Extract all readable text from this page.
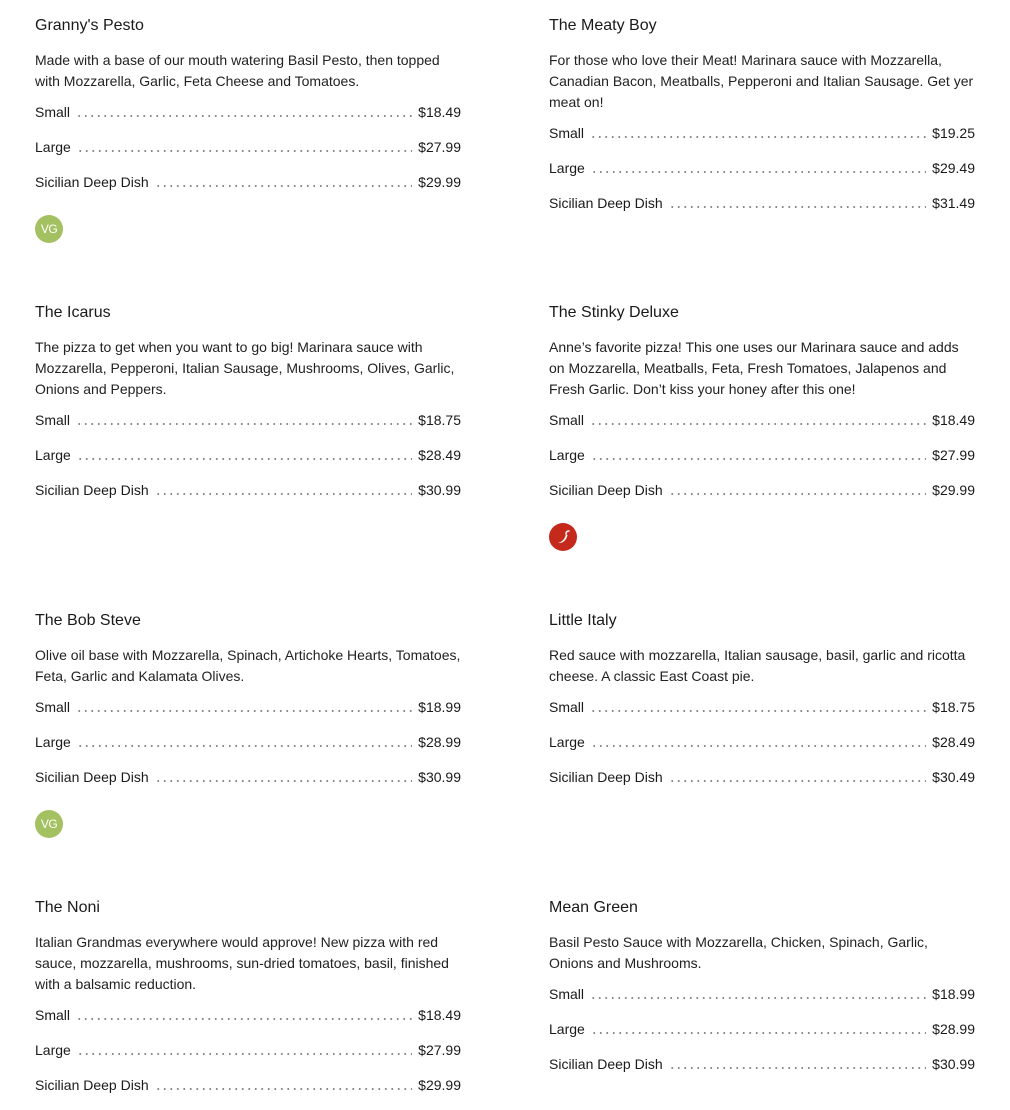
Granny's Pesto
Made with a base of our mouth watering Basil Pesto, then topped with Mozzarella, Garlic, Feta Cheese and Tomatoes.
Small	$18.49
Large	$27.99
Sicilian Deep Dish	$29.99
VG
The Meaty Boy
For those who love their Meat! Marinara sauce with Mozzarella, Canadian Bacon, Meatballs, Pepperoni and Italian Sausage. Get yer meat on!
Small	$19.25
Large	$29.49
Sicilian Deep Dish	$31.49
The Icarus
The pizza to get when you want to go big! Marinara sauce with Mozzarella, Pepperoni, Italian Sausage, Mushrooms, Olives, Garlic, Onions and Peppers.
Small	$18.75
Large	$28.49
Sicilian Deep Dish	$30.99
The Stinky Deluxe
Anne’s favorite pizza! This one uses our Marinara sauce and adds on Mozzarella, Meatballs, Feta, Fresh Tomatoes, Jalapenos and Fresh Garlic. Don’t kiss your honey after this one!
Small	$18.49
Large	$27.99
Sicilian Deep Dish	$29.99
The Bob Steve
Olive oil base with Mozzarella, Spinach, Artichoke Hearts, Tomatoes, Feta, Garlic and Kalamata Olives.
Small	$18.99
Large	$28.99
Sicilian Deep Dish	$30.99
VG
Little Italy
Red sauce with mozzarella, Italian sausage, basil, garlic and ricotta cheese. A classic East Coast pie.
Small	$18.75
Large	$28.49
Sicilian Deep Dish	$30.49
The Noni
Italian Grandmas everywhere would approve! New pizza with red sauce, mozzarella, mushrooms, sun-dried tomatoes, basil, finished with a balsamic reduction.
Small	$18.49
Large	$27.99
Sicilian Deep Dish	$29.99
Mean Green
Basil Pesto Sauce with Mozzarella, Chicken, Spinach, Garlic, Onions and Mushrooms.
Small	$18.99
Large	$28.99
Sicilian Deep Dish	$30.99
